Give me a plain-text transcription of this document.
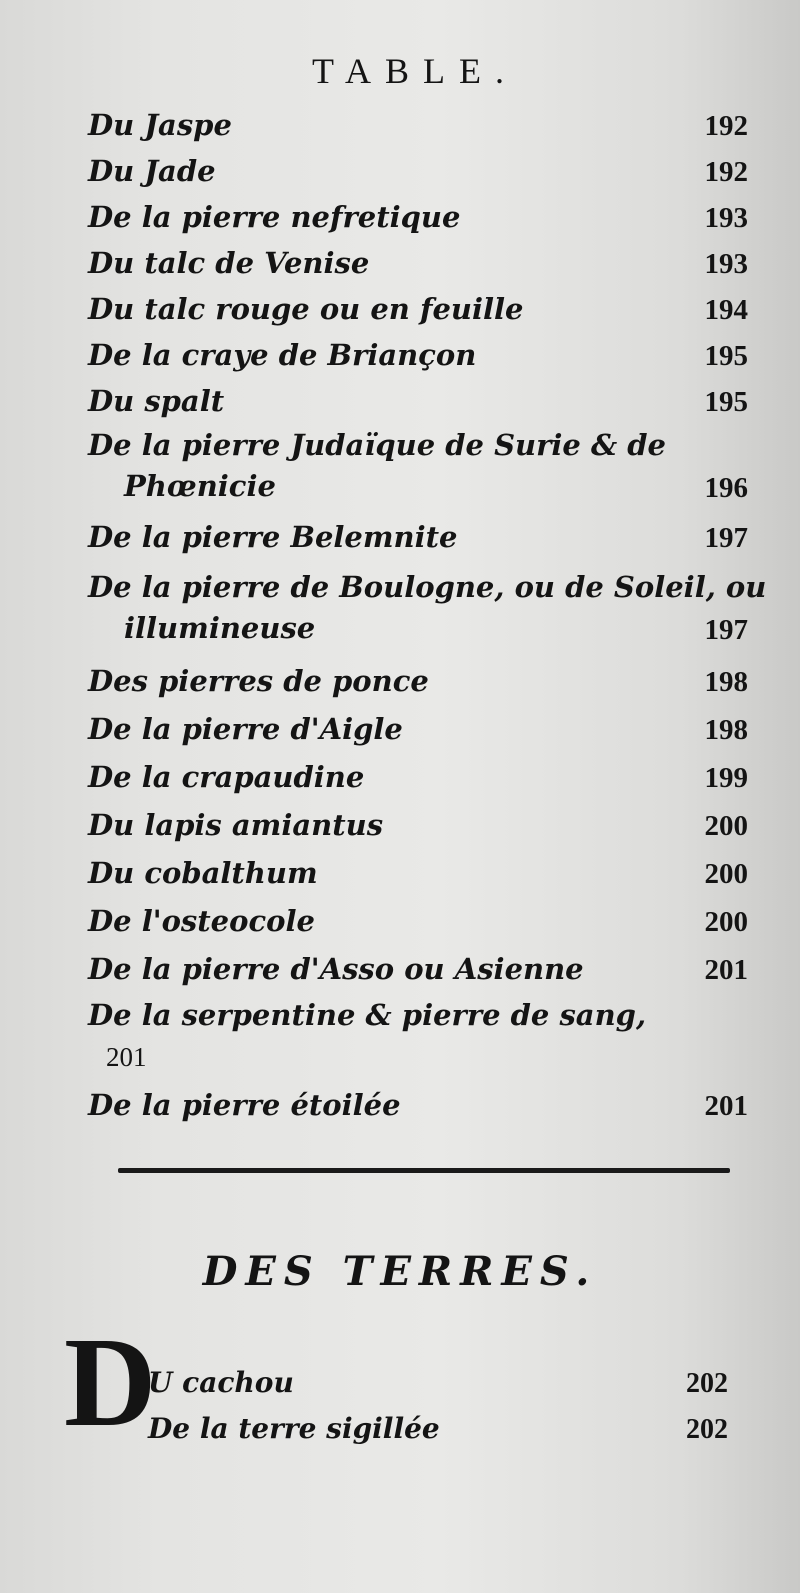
TABLE.
Du Jaspe	192
Du Jade	192
De la pierre nefretique	193
Du talc de Venise	193
Du talc rouge ou en feuille	194
De la craye de Briançon	195
Du spalt	195
De la pierre Judaïque de Surie & de
Phœnicie	196
De la pierre Belemnite	197
De la pierre de Boulogne, ou de Soleil, ou
illumineuse	197
Des pierres de ponce	198
De la pierre d'Aigle	198
De la crapaudine	199
Du lapis amiantus	200
Du cobalthum	200
De l'osteocole	200
De la pierre d'Asso ou Asienne	201
De la serpentine & pierre de sang,
201
De la pierre étoilée	201
DES TERRES.
D
U cachou	202
De la terre sigillée	202
